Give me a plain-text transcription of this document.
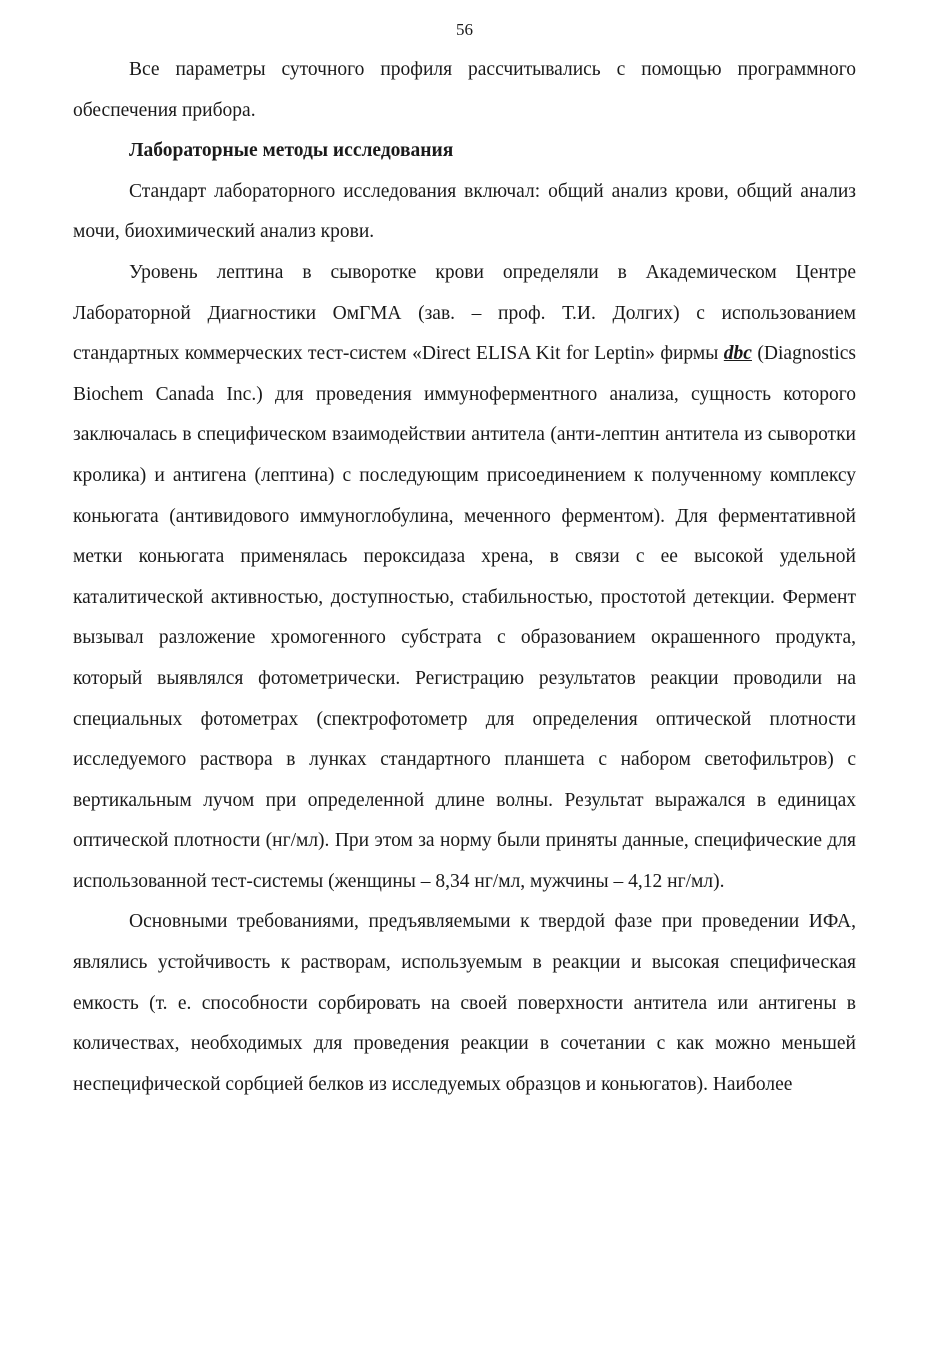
56

Все параметры суточного профиля рассчитывались с помощью программного обеспечения прибора.

Лабораторные методы исследования

Стандарт лабораторного исследования включал: общий анализ крови, общий анализ мочи, биохимический анализ крови.

Уровень лептина в сыворотке крови определяли в Академическом Центре Лабораторной Диагностики ОмГМА (зав. – проф. Т.И. Долгих) с использованием стандартных коммерческих тест-систем «Direct ELISA Kit for Leptin» фирмы dbc (Diagnostics Biochem Canada Inc.) для проведения иммуноферментного анализа, сущность которого заключалась в специфическом взаимодействии антитела (анти-лептин антитела из сыворотки кролика) и антигена (лептина) с последующим присоединением к полученному комплексу коньюгата (антивидового иммуноглобулина, меченного ферментом). Для ферментативной метки коньюгата применялась пероксидаза хрена, в связи с ее высокой удельной каталитической активностью, доступностью, стабильностью, простотой детекции. Фермент вызывал разложение хромогенного субстрата с образованием окрашенного продукта, который выявлялся фотометрически. Регистрацию результатов реакции проводили на специальных фотометрах (спектрофотометр для определения оптической плотности исследуемого раствора в лунках стандартного планшета с набором светофильтров) с вертикальным лучом при определенной длине волны. Результат выражался в единицах оптической плотности (нг/мл). При этом за норму были приняты данные, специфические для использованной тест-системы (женщины – 8,34 нг/мл, мужчины – 4,12 нг/мл).

Основными требованиями, предъявляемыми к твердой фазе при проведении ИФА, являлись устойчивость к растворам, используемым в реакции и высокая специфическая емкость (т. е. способности сорбировать на своей поверхности антитела или антигены в количествах, необходимых для проведения реакции в сочетании с как можно меньшей неспецифической сорбцией белков из исследуемых образцов и коньюгатов). Наиболее
